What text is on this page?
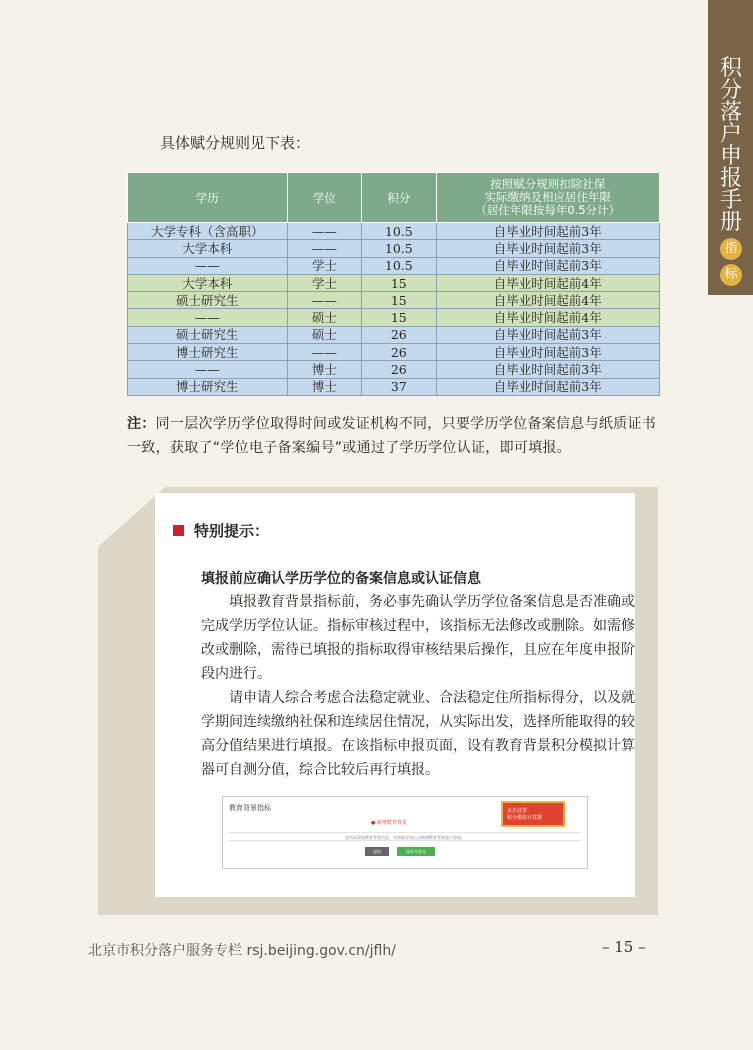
积分落户申报手册
指
标
具体赋分规则见下表：
学历	学位	积分	按照赋分规则扣除社保
实际缴纳及相应居住年限
（居住年限按每年0.5分计）
大学专科（含高职）	——	10.5	自毕业时间起前3年
大学本科	——	10.5	自毕业时间起前3年
——	学士	10.5	自毕业时间起前3年
大学本科	学士	15	自毕业时间起前4年
硕士研究生	——	15	自毕业时间起前4年
——	硕士	15	自毕业时间起前4年
硕士研究生	硕士	26	自毕业时间起前3年
博士研究生	——	26	自毕业时间起前3年
——	博士	26	自毕业时间起前3年
博士研究生	博士	37	自毕业时间起前3年
注：同一层次学历学位取得时间或发证机构不同，只要学历学位备案信息与纸质证书一致，获取了“学位电子备案编号”或通过了学历学位认证，即可填报。
特别提示：
填报前应确认学历学位的备案信息或认证信息
　　填报教育背景指标前，务必事先确认学历学位备案信息是否准确或完成学历学位认证。指标审核过程中，该指标无法修改或删除。如需修改或删除，需待已填报的指标取得审核结果后操作，且应在年度申报阶段内进行。
　　请申请人综合考虑合法稳定就业、合法稳定住所指标得分，以及就学期间连续缴纳社保和连续居住情况，从实际出发，选择所能取得的较高分值结果进行填报。在该指标申报页面，设有教育背景积分模拟计算器可自测分值，综合比较后再行填报。
教育背景指标
● 新增教育背景
点击这里
积分模拟计算器
您尚未添加教育背景信息，若需填写请点击新增教育背景进行添加。
返回	保存并提交
北京市积分落户服务专栏 rsj.beijing.gov.cn/jflh/	– 15 –
